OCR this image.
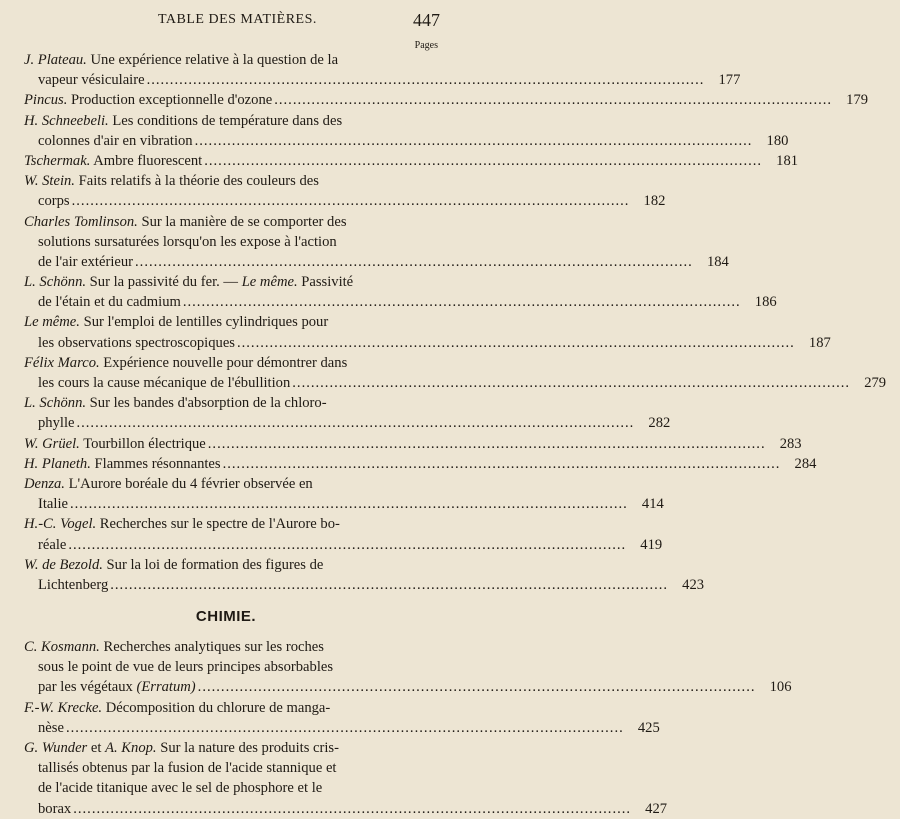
TABLE DES MATIÈRES.	447
Pages
J. Plateau. Une expérience relative à la question de la
vapeur vésiculaire ........................................................................................................................ 177
Pincus. Production exceptionnelle d'ozone ........................................................................................................................ 179
H. Schneebeli. Les conditions de température dans des
colonnes d'air en vibration ........................................................................................................................ 180
Tschermak. Ambre fluorescent ........................................................................................................................ 181
W. Stein. Faits relatifs à la théorie des couleurs des
corps ........................................................................................................................ 182
Charles Tomlinson. Sur la manière de se comporter des
solutions sursaturées lorsqu'on les expose à l'action
de l'air extérieur ........................................................................................................................ 184
L. Schönn. Sur la passivité du fer. — Le même. Passivité
de l'étain et du cadmium ........................................................................................................................ 186
Le même. Sur l'emploi de lentilles cylindriques pour
les observations spectroscopiques ........................................................................................................................ 187
Félix Marco. Expérience nouvelle pour démontrer dans
les cours la cause mécanique de l'ébullition ........................................................................................................................ 279
L. Schönn. Sur les bandes d'absorption de la chloro-
phylle ........................................................................................................................ 282
W. Grüel. Tourbillon électrique ........................................................................................................................ 283
H. Planeth. Flammes résonnantes ........................................................................................................................ 284
Denza. L'Aurore boréale du 4 février observée en
Italie ........................................................................................................................ 414
H.-C. Vogel. Recherches sur le spectre de l'Aurore bo-
réale ........................................................................................................................ 419
W. de Bezold. Sur la loi de formation des figures de
Lichtenberg ........................................................................................................................ 423
CHIMIE.
C. Kosmann. Recherches analytiques sur les roches
sous le point de vue de leurs principes absorbables
par les végétaux (Erratum) ........................................................................................................................ 106
F.-W. Krecke. Décomposition du chlorure de manga-
nèse ........................................................................................................................ 425
G. Wunder et A. Knop. Sur la nature des produits cris-
tallisés obtenus par la fusion de l'acide stannique et
de l'acide titanique avec le sel de phosphore et le
borax ........................................................................................................................ 427
